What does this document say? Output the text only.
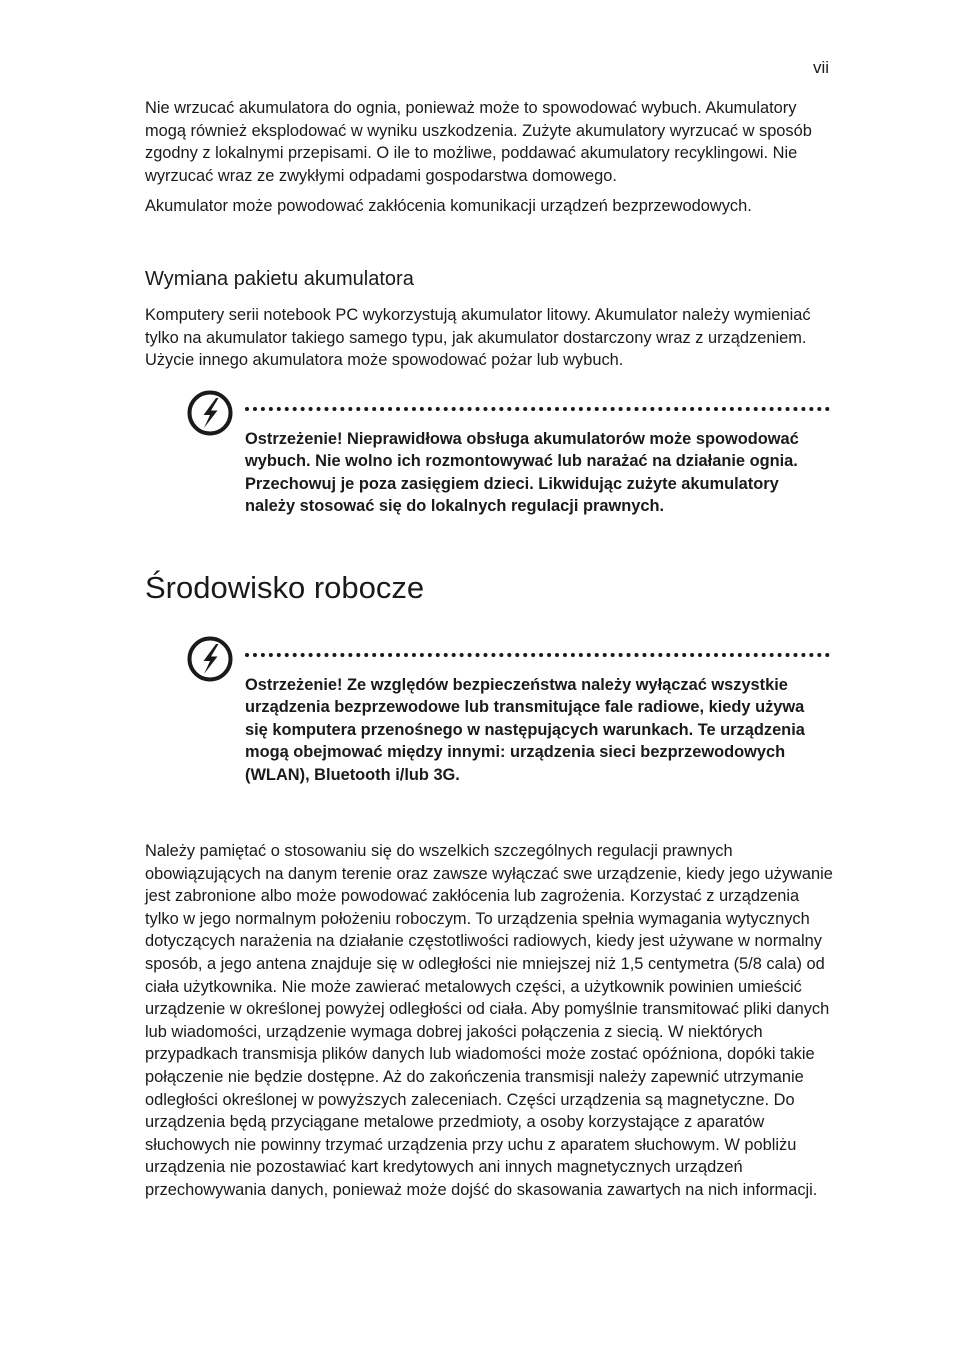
vii

Nie wrzucać akumulatora do ognia, ponieważ może to spowodować wybuch. Akumulatory mogą również eksplodować w wyniku uszkodzenia. Zużyte akumulatory wyrzucać w sposób zgodny z lokalnymi przepisami. O ile to możliwe, poddawać akumulatory recyklingowi. Nie wyrzucać wraz ze zwykłymi odpadami gospodarstwa domowego.

Akumulator może powodować zakłócenia komunikacji urządzeń bezprzewodowych.

Wymiana pakietu akumulatora

Komputery serii notebook PC wykorzystują akumulator litowy. Akumulator należy wymieniać tylko na akumulator takiego samego typu, jak akumulator dostarczony wraz z urządzeniem. Użycie innego akumulatora może spowodować pożar lub wybuch.

Ostrzeżenie! Nieprawidłowa obsługa akumulatorów może spowodować wybuch. Nie wolno ich rozmontowywać lub narażać na działanie ognia. Przechowuj je poza zasięgiem dzieci. Likwidując zużyte akumulatory należy stosować się do lokalnych regulacji prawnych.

Środowisko robocze

Ostrzeżenie! Ze względów bezpieczeństwa należy wyłączać wszystkie urządzenia bezprzewodowe lub transmitujące fale radiowe, kiedy używa się komputera przenośnego w następujących warunkach. Te urządzenia mogą obejmować między innymi: urządzenia sieci bezprzewodowych (WLAN), Bluetooth i/lub 3G.

Należy pamiętać o stosowaniu się do wszelkich szczególnych regulacji prawnych obowiązujących na danym terenie oraz zawsze wyłączać swe urządzenie, kiedy jego używanie jest zabronione albo może powodować zakłócenia lub zagrożenia. Korzystać z urządzenia tylko w jego normalnym położeniu roboczym. To urządzenia spełnia wymagania wytycznych dotyczących narażenia na działanie częstotliwości radiowych, kiedy jest używane w normalny sposób, a jego antena znajduje się w odległości nie mniejszej niż 1,5 centymetra (5/8 cala) od ciała użytkownika. Nie może zawierać metalowych części, a użytkownik powinien umieścić urządzenie w określonej powyżej odległości od ciała. Aby pomyślnie transmitować pliki danych lub wiadomości, urządzenie wymaga dobrej jakości połączenia z siecią. W niektórych przypadkach transmisja plików danych lub wiadomości może zostać opóźniona, dopóki takie połączenie nie będzie dostępne. Aż do zakończenia transmisji należy zapewnić utrzymanie odległości określonej w powyższych zaleceniach. Części urządzenia są magnetyczne. Do urządzenia będą przyciągane metalowe przedmioty, a osoby korzystające z aparatów słuchowych nie powinny trzymać urządzenia przy uchu z aparatem słuchowym. W pobliżu urządzenia nie pozostawiać kart kredytowych ani innych magnetycznych urządzeń przechowywania danych, ponieważ może dojść do skasowania zawartych na nich informacji.
